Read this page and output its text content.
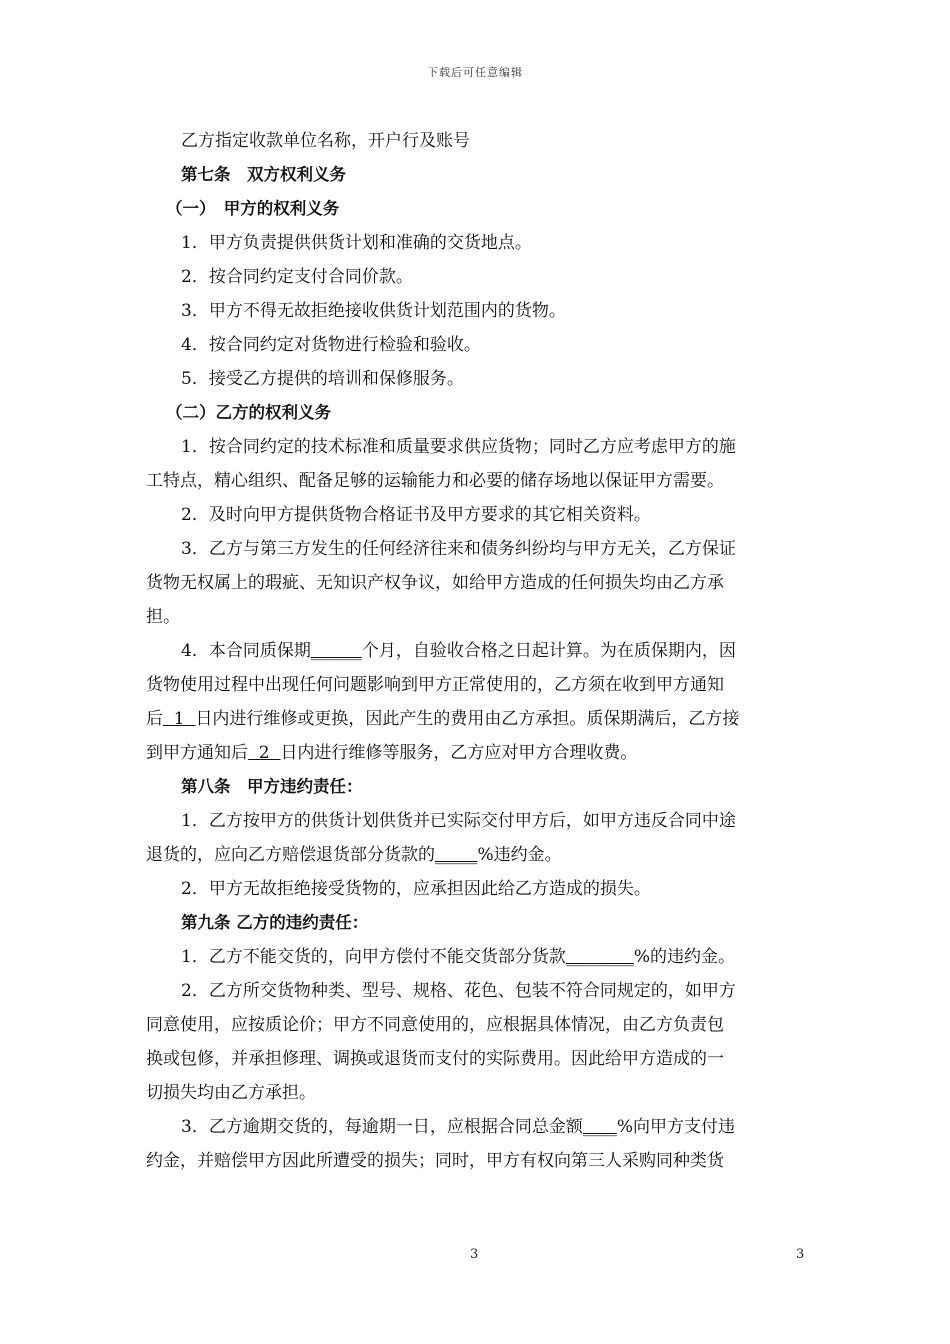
下载后可任意编辑

乙方指定收款单位名称，开户行及账号

第七条　双方权利义务

（一）　甲方的权利义务

1．甲方负责提供供货计划和准确的交货地点。

2．按合同约定支付合同价款。

3．甲方不得无故拒绝接收供货计划范围内的货物。

4．按合同约定对货物进行检验和验收。

5．接受乙方提供的培训和保修服务。

（二）乙方的权利义务

1．按合同约定的技术标准和质量要求供应货物；同时乙方应考虑甲方的施

工特点，精心组织、配备足够的运输能力和必要的储存场地以保证甲方需要。

2．及时向甲方提供货物合格证书及甲方要求的其它相关资料。

3．乙方与第三方发生的任何经济往来和债务纠纷均与甲方无关，乙方保证

货物无权属上的瑕疵、无知识产权争议，如给甲方造成的任何损失均由乙方承

担。

4．本合同质保期______个月，自验收合格之日起计算。为在质保期内，因

货物使用过程中出现任何问题影响到甲方正常使用的，乙方须在收到甲方通知

后  1  日内进行维修或更换，因此产生的费用由乙方承担。质保期满后，乙方接

到甲方通知后  2  日内进行维修等服务，乙方应对甲方合理收费。

第八条　甲方违约责任：

1．乙方按甲方的供货计划供货并已实际交付甲方后，如甲方违反合同中途

退货的，应向乙方赔偿退货部分货款的_____%违约金。

2．甲方无故拒绝接受货物的，应承担因此给乙方造成的损失。

第九条 乙方的违约责任：

1．乙方不能交货的，向甲方偿付不能交货部分货款________%的违约金。

2．乙方所交货物种类、型号、规格、花色、包装不符合同规定的，如甲方

同意使用，应按质论价；甲方不同意使用的，应根据具体情况，由乙方负责包

换或包修，并承担修理、调换或退货而支付的实际费用。因此给甲方造成的一

切损失均由乙方承担。

3．乙方逾期交货的，每逾期一日，应根据合同总金额____%向甲方支付违

约金，并赔偿甲方因此所遭受的损失；同时，甲方有权向第三人采购同种类货

3	3
